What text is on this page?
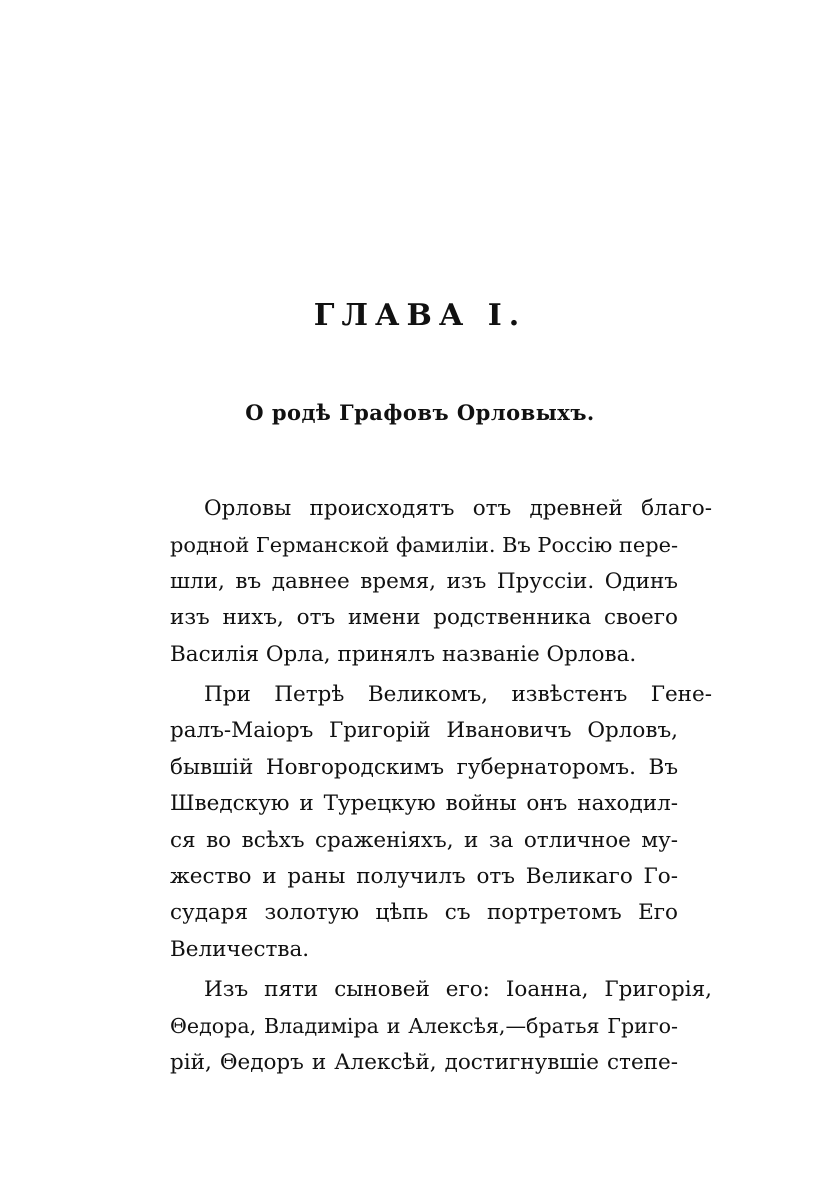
ГЛАВА I.
О родѣ Графовъ Орловыхъ.
Орловы происходятъ отъ древней благо-
родной Германской фамиліи. Въ Россію пере-
шли, въ давнее время, изъ Пруссіи. Одинъ
изъ нихъ, отъ имени родственника своего
Василія Орла, принялъ названіе Орлова.
При Петрѣ Великомъ, извѣстенъ Гене-
ралъ-Маіоръ Григорій Ивановичъ Орловъ,
бывшій Новгородскимъ губернаторомъ. Въ
Шведскую и Турецкую войны онъ находил-
ся во всѣхъ сраженіяхъ, и за отличное му-
жество и раны получилъ отъ Великаго Го-
сударя золотую цѣпь съ портретомъ Его
Величества.
Изъ пяти сыновей его: Іоанна, Григорія,
Θедора, Владиміра и Алексѣя,—братья Григо-
рій, Θедоръ и Алексѣй, достигнувшіе степе-
